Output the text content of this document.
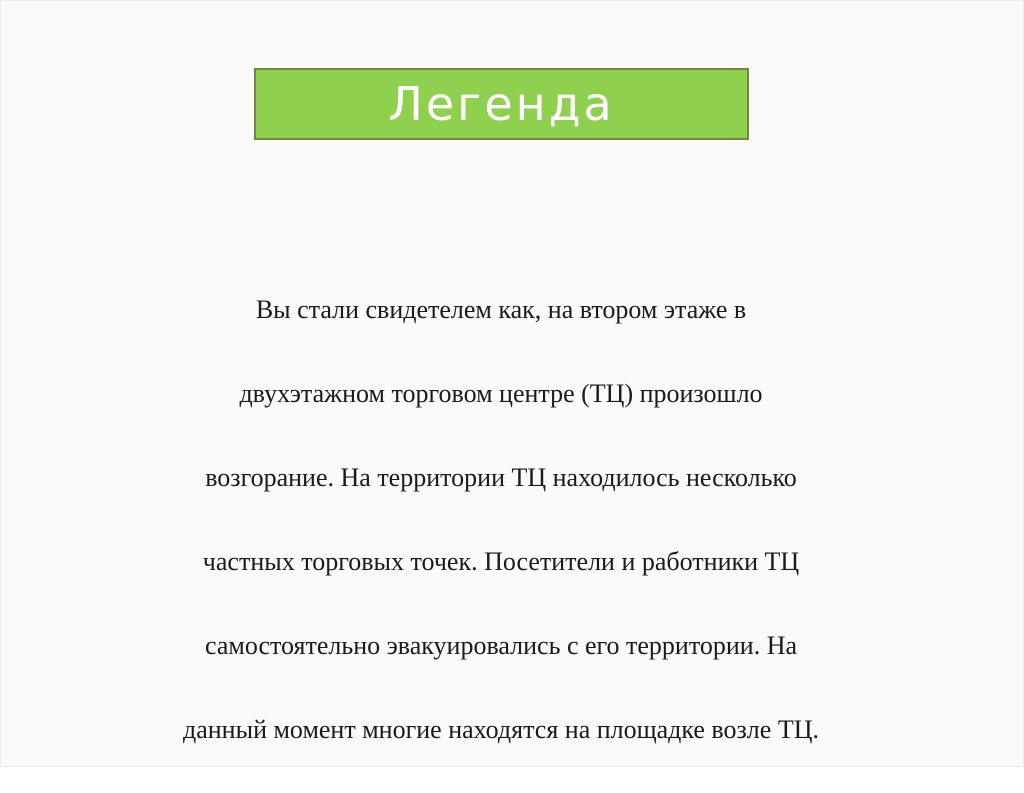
Легенда

Вы стали свидетелем как, на втором этаже в

двухэтажном торговом центре (ТЦ) произошло

возгорание. На территории ТЦ находилось несколько

частных торговых точек. Посетители и работники ТЦ

самостоятельно эвакуировались с его территории. На

данный момент многие находятся на площадке возле ТЦ.
